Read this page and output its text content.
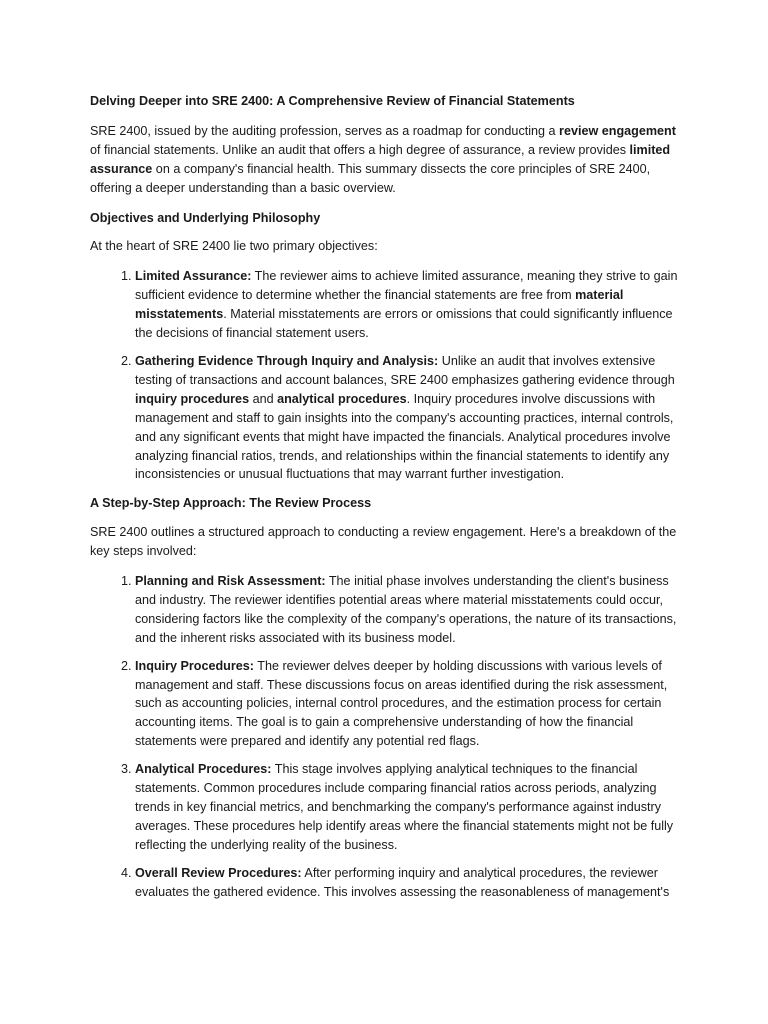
Delving Deeper into SRE 2400: A Comprehensive Review of Financial Statements

SRE 2400, issued by the auditing profession, serves as a roadmap for conducting a review engagement of financial statements. Unlike an audit that offers a high degree of assurance, a review provides limited assurance on a company's financial health. This summary dissects the core principles of SRE 2400, offering a deeper understanding than a basic overview.

Objectives and Underlying Philosophy

At the heart of SRE 2400 lie two primary objectives:

1. Limited Assurance: The reviewer aims to achieve limited assurance, meaning they strive to gain sufficient evidence to determine whether the financial statements are free from material misstatements. Material misstatements are errors or omissions that could significantly influence the decisions of financial statement users.
2. Gathering Evidence Through Inquiry and Analysis: Unlike an audit that involves extensive testing of transactions and account balances, SRE 2400 emphasizes gathering evidence through inquiry procedures and analytical procedures. Inquiry procedures involve discussions with management and staff to gain insights into the company's accounting practices, internal controls, and any significant events that might have impacted the financials. Analytical procedures involve analyzing financial ratios, trends, and relationships within the financial statements to identify any inconsistencies or unusual fluctuations that may warrant further investigation.
A Step-by-Step Approach: The Review Process

SRE 2400 outlines a structured approach to conducting a review engagement. Here's a breakdown of the key steps involved:

1. Planning and Risk Assessment: The initial phase involves understanding the client's business and industry. The reviewer identifies potential areas where material misstatements could occur, considering factors like the complexity of the company's operations, the nature of its transactions, and the inherent risks associated with its business model.
2. Inquiry Procedures: The reviewer delves deeper by holding discussions with various levels of management and staff. These discussions focus on areas identified during the risk assessment, such as accounting policies, internal control procedures, and the estimation process for certain accounting items. The goal is to gain a comprehensive understanding of how the financial statements were prepared and identify any potential red flags.
3. Analytical Procedures: This stage involves applying analytical techniques to the financial statements. Common procedures include comparing financial ratios across periods, analyzing trends in key financial metrics, and benchmarking the company's performance against industry averages. These procedures help identify areas where the financial statements might not be fully reflecting the underlying reality of the business.
4. Overall Review Procedures: After performing inquiry and analytical procedures, the reviewer evaluates the gathered evidence. This involves assessing the reasonableness of management's
